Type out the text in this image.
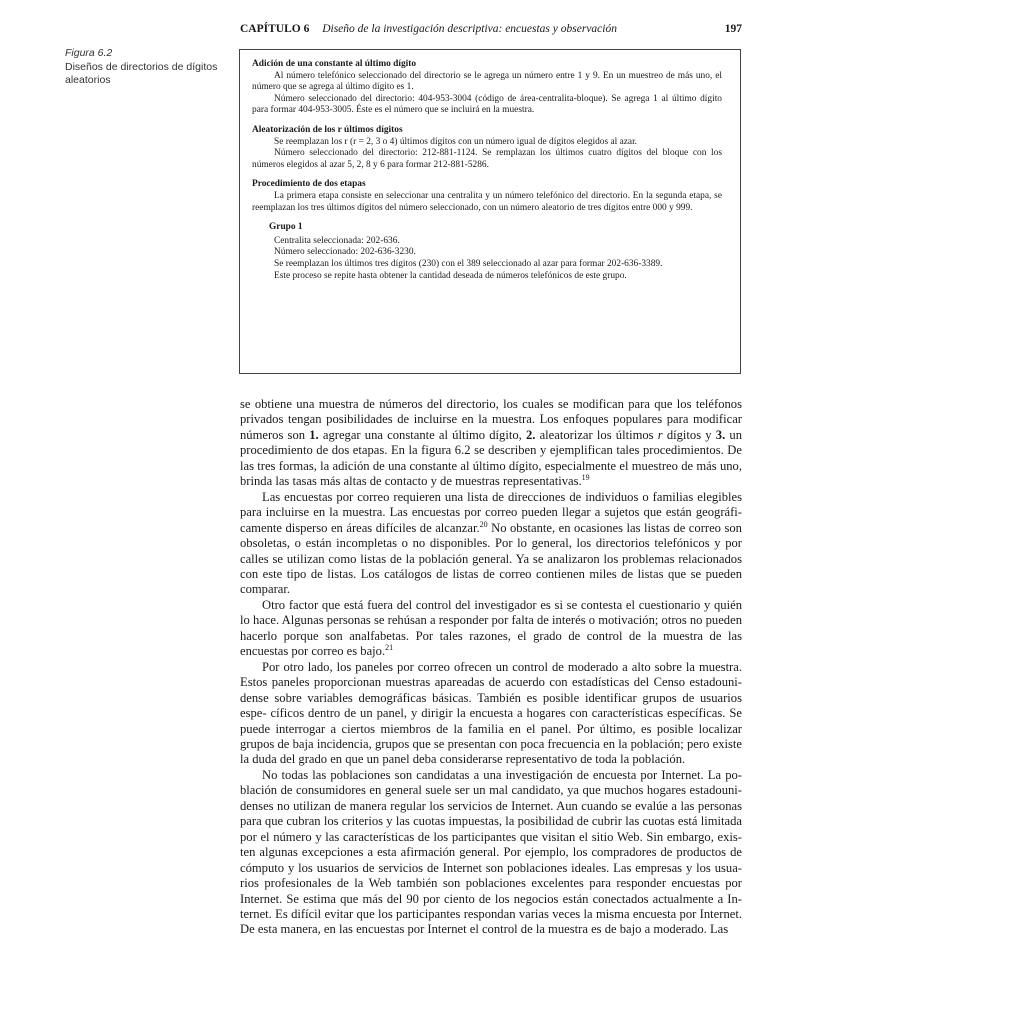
CAPÍTULO 6 Diseño de la investigación descriptiva: encuestas y observación	197
Figura 6.2
Diseños de directorios de dígitos aleatorios

Adición de una constante al último dígito

Al número telefónico seleccionado del directorio se le agrega un número entre 1 y 9. En un muestreo de más uno, el número que se agrega al último dígito es 1.

Número seleccionado del directorio: 404-953-3004 (código de área-centralita-bloque). Se agrega 1 al último dígito para formar 404-953-3005. Éste es el número que se incluirá en la muestra.

Aleatorización de los r últimos dígitos

Se reemplazan los r (r = 2, 3 o 4) últimos dígitos con un número igual de dígitos elegidos al azar.

Número seleccionado del directorio: 212-881-1124. Se remplazan los últimos cuatro dígitos del bloque con los números elegidos al azar 5, 2, 8 y 6 para formar 212-881-5286.

Procedimiento de dos etapas

La primera etapa consiste en seleccionar una centralita y un número telefónico del directorio. En la segunda etapa, se reemplazan los tres últimos dígitos del número seleccionado, con un número aleatorio de tres dígitos entre 000 y 999.

Grupo 1

Centralita seleccionada: 202-636.

Número seleccionado: 202-636-3230.

Se reemplazan los últimos tres dígitos (230) con el 389 seleccionado al azar para formar 202-636-3389.

Este proceso se repite hasta obtener la cantidad deseada de números telefónicos de este grupo.

se obtiene una muestra de números del directorio, los cuales se modifican para que los teléfonos privados tengan posibilidades de incluirse en la muestra. Los enfoques populares para modificar números son 1. agregar una constante al último dígito, 2. aleatorizar los últimos r dígitos y 3. un procedimiento de dos etapas. En la figura 6.2 se describen y ejemplifican tales procedimientos. De las tres formas, la adición de una constante al último dígito, especialmente el muestreo de más uno, brinda las tasas más altas de contacto y de muestras representativas.$^{19}$

Las encuestas por correo requieren una lista de direcciones de individuos o familias elegibles para incluirse en la muestra. Las encuestas por correo pueden llegar a sujetos que están geográfi- camente disperso en áreas difíciles de alcanzar.$^{20}$ No obstante, en ocasiones las listas de correo son obsoletas, o están incompletas o no disponibles. Por lo general, los directorios telefónicos y por calles se utilizan como listas de la población general. Ya se analizaron los problemas relacionados con este tipo de listas. Los catálogos de listas de correo contienen miles de listas que se pueden comparar.

Otro factor que está fuera del control del investigador es si se contesta el cuestionario y quién lo hace. Algunas personas se rehúsan a responder por falta de interés o motivación; otros no pueden hacerlo porque son analfabetas. Por tales razones, el grado de control de la muestra de las encuestas por correo es bajo.$^{21}$

Por otro lado, los paneles por correo ofrecen un control de moderado a alto sobre la muestra. Estos paneles proporcionan muestras apareadas de acuerdo con estadísticas del Censo estadouni- dense sobre variables demográficas básicas. También es posible identificar grupos de usuarios espe- cíficos dentro de un panel, y dirigir la encuesta a hogares con características específicas. Se puede interrogar a ciertos miembros de la familia en el panel. Por último, es posible localizar grupos de baja incidencia, grupos que se presentan con poca frecuencia en la población; pero existe la duda del grado en que un panel deba considerarse representativo de toda la población.

No todas las poblaciones son candidatas a una investigación de encuesta por Internet. La po- blación de consumidores en general suele ser un mal candidato, ya que muchos hogares estadouni- denses no utilizan de manera regular los servicios de Internet. Aun cuando se evalúe a las personas para que cubran los criterios y las cuotas impuestas, la posibilidad de cubrir las cuotas está limitada por el número y las características de los participantes que visitan el sitio Web. Sin embargo, exis- ten algunas excepciones a esta afirmación general. Por ejemplo, los compradores de productos de cómputo y los usuarios de servicios de Internet son poblaciones ideales. Las empresas y los usua- rios profesionales de la Web también son poblaciones excelentes para responder encuestas por Internet. Se estima que más del 90 por ciento de los negocios están conectados actualmente a In- ternet. Es difícil evitar que los participantes respondan varias veces la misma encuesta por Internet. De esta manera, en las encuestas por Internet el control de la muestra es de bajo a moderado. Las
